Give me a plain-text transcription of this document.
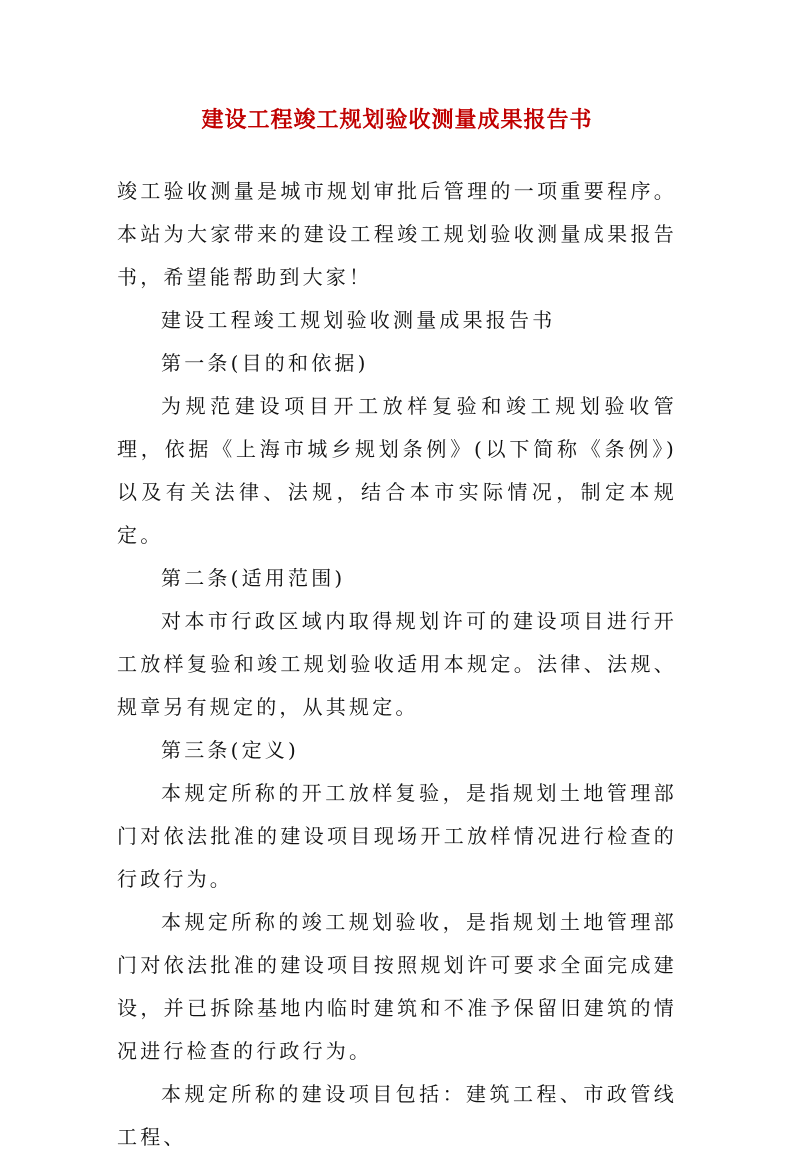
建设工程竣工规划验收测量成果报告书

竣工验收测量是城市规划审批后管理的一项重要程序。本站为大家带来的建设工程竣工规划验收测量成果报告书，希望能帮助到大家！

建设工程竣工规划验收测量成果报告书

第一条(目的和依据)

为规范建设项目开工放样复验和竣工规划验收管理，依据《上海市城乡规划条例》(以下简称《条例》)以及有关法律、法规，结合本市实际情况，制定本规定。

第二条(适用范围)

对本市行政区域内取得规划许可的建设项目进行开工放样复验和竣工规划验收适用本规定。法律、法规、规章另有规定的，从其规定。

第三条(定义)

本规定所称的开工放样复验，是指规划土地管理部门对依法批准的建设项目现场开工放样情况进行检查的行政行为。

本规定所称的竣工规划验收，是指规划土地管理部门对依法批准的建设项目按照规划许可要求全面完成建设，并已拆除基地内临时建筑和不准予保留旧建筑的情况进行检查的行政行为。

本规定所称的建设项目包括：建筑工程、市政管线工程、
